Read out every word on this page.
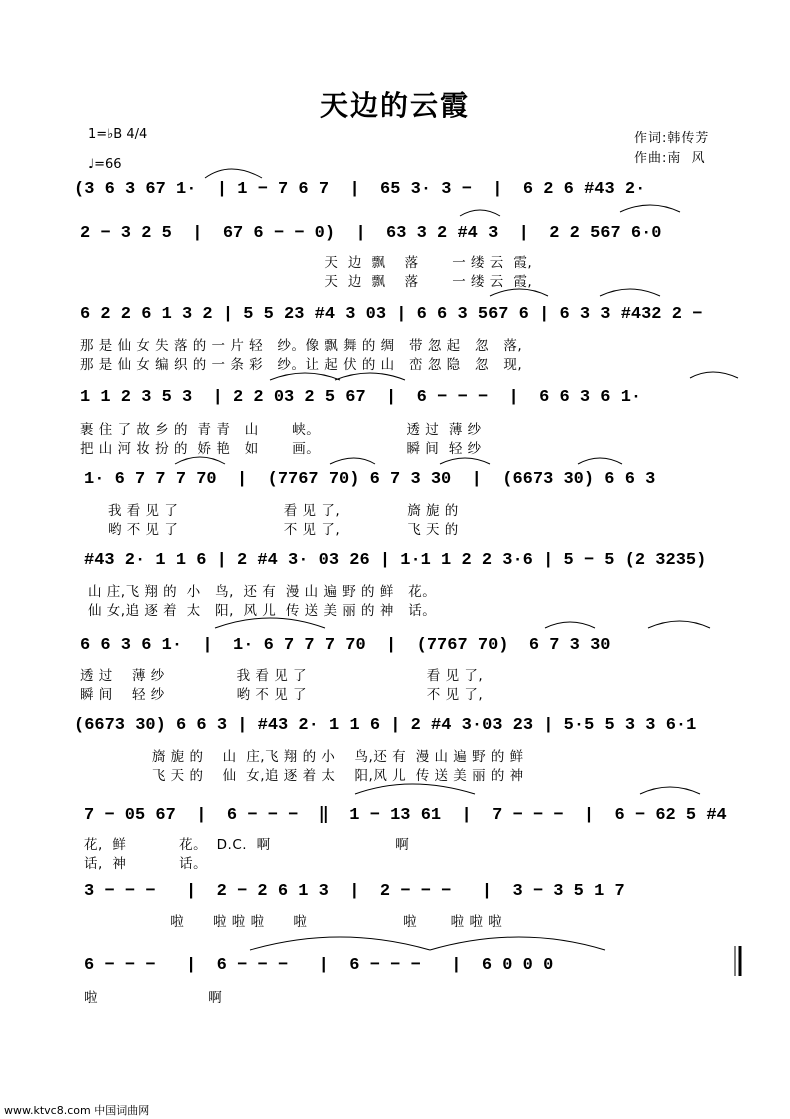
天边的云霞
1=♭B 4/4
♩=66
作词:韩传芳
作曲:南  风
(3 6 3 67 1·  | 1 − 7 6 7  |  65 3· 3 −  |  6 2 6 #43 2·
2 − 3 2 5  |  67 6 − − 0)  |  63 3 2 #4 3  |  2 2 567 6·0
天  边  飘    落       一 缕 云  霞,
天  边  飘    落       一 缕 云  霞,
6 2 2 6 1 3 2 | 5 5 23 #4 3 03 | 6 6 3 567 6 | 6 3 3 #432 2 −
那 是 仙 女 失 落 的 一 片 轻   纱。像 飘 舞 的 绸   带 忽 起   忽   落,
那 是 仙 女 编 织 的 一 条 彩   纱。让 起 伏 的 山   峦 忽 隐   忽   现,
1 1 2 3 5 3  | 2 2 03 2 5 67  |  6 − − −  |  6 6 3 6 1·
裹 住 了 故 乡 的  青 青   山       峡。                  透 过  薄 纱
把 山 河 妆 扮 的  娇 艳   如       画。                  瞬 间  轻 纱
1· 6 7 7 7 70  |  (7767 70) 6 7 3 30  |  (6673 30) 6 6 3
我 看 见 了                      看 见 了,              旖 旎 的
哟 不 见 了                      不 见 了,              飞 天 的
#43 2· 1 1 6 | 2 #4 3· 03 26 | 1·1 1 2 2 3·6 | 5 − 5 (2 3235)
山 庄,飞 翔 的  小   鸟,  还 有  漫 山 遍 野 的 鲜   花。
仙 女,追 逐 着  太   阳,  风 儿  传 送 美 丽 的 神   话。
6 6 3 6 1·  |  1· 6 7 7 7 70  |  (7767 70)  6 7 3 30
透 过    薄 纱               我 看 见 了                         看 见 了,
瞬 间    轻 纱               哟 不 见 了                         不 见 了,
(6673 30) 6 6 3 | #43 2· 1 1 6 | 2 #4 3·03 23 | 5·5 5 3 3 6·1
旖 旎 的    山  庄,飞 翔 的 小    鸟,还 有  漫 山 遍 野 的 鲜
飞 天 的    仙  女,追 逐 着 太    阳,风 儿  传 送 美 丽 的 神
7 − 05 67  |  6 − − −  ‖  1 − 13 61  |  7 − − −  |  6 − 62 5 #4
花,  鲜           花。  D.C.  啊                          啊
话,  神           话。
3 − − −   |  2 − 2 6 1 3  |  2 − − −   |  3 − 3 5 1 7
啦      啦 啦 啦      啦                    啦       啦 啦 啦
6 − − −   |  6 − − −   |  6 − − −   |  6 0 0 0
啦                       啊
www.ktvc8.com 中国词曲网
